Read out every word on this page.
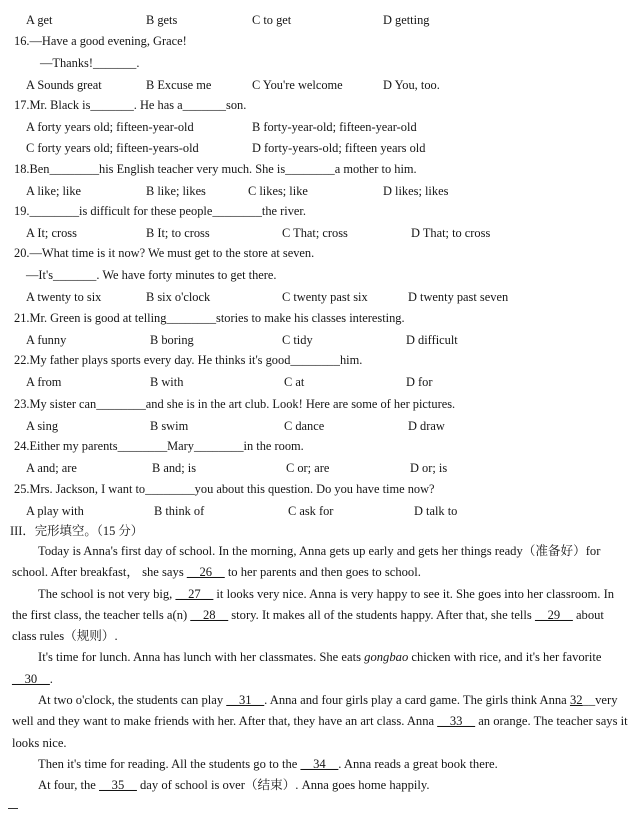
A get	B gets	C to get	D getting
16.—Have a good evening, Grace!
—Thanks!_______.
A Sounds great	B Excuse me	C You're welcome	D You, too.
17.Mr. Black is_______. He has a_______son.
A forty years old; fifteen-year-old	B forty-year-old; fifteen-year-old
C forty years old; fifteen-years-old	D forty-years-old; fifteen years old
18.Ben________his English teacher very much. She is________a mother to him.
A like; like	B like; likes	C likes; like	D likes; likes
19.________is difficult for these people________the river.
A It; cross	B It; to cross	C That; cross	D That; to cross
20.—What time is it now? We must get to the store at seven.
—It's_______. We have forty minutes to get there.
A twenty to six	B six o'clock	C twenty past six	D twenty past seven
21.Mr. Green is good at telling________stories to make his classes interesting.
A funny	B boring	C tidy	D difficult
22.My father plays sports every day. He thinks it's good________him.
A from	B with	C at	D for
23.My sister can________and she is in the art club. Look! Here are some of her pictures.
A sing	B swim	C dance	D draw
24.Either my parents________Mary________in the room.
A and; are	B and; is	C or; are	D or; is
25.Mrs. Jackson, I want to________you about this question. Do you have time now?
A play with	B think of	C ask for	D talk to
III．完形填空。（15 分）

Today is Anna's first day of school. In the morning, Anna gets up early and gets her things ready（准备好）for school. After breakfast， she says __26__ to her parents and then goes to school.

The school is not very big, __27__ it looks very nice. Anna is very happy to see it. She goes into her classroom. In the first class, the teacher tells a(n) __28__ story. It makes all of the students happy. After that, she tells __29__ about class rules（规则）.

It's time for lunch. Anna has lunch with her classmates. She eats gongbao chicken with rice, and it's her favorite __30__.

At two o'clock, the students can play __31__. Anna and four girls play a card game. The girls think Anna 32__very well and they want to make friends with her. After that, they have an art class. Anna __33__ an orange. The teacher says it looks nice.

Then it's time for reading. All the students go to the __34__. Anna reads a great book there.

At four, the __35__ day of school is over（结束）. Anna goes home happily.
